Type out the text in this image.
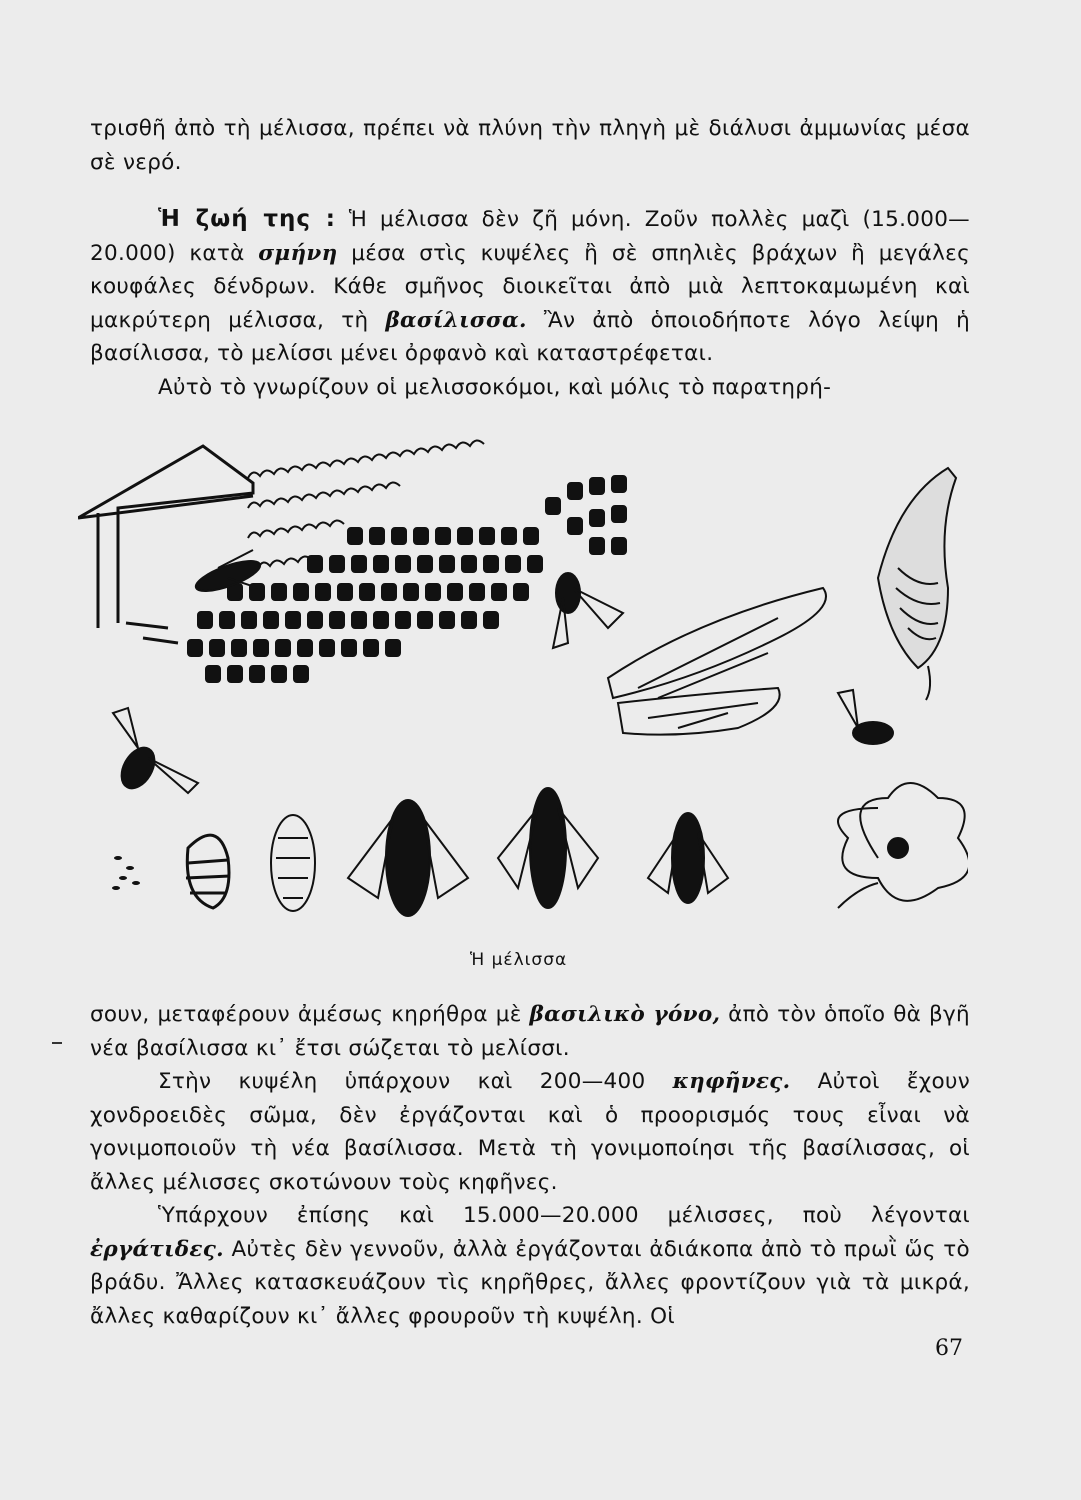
τρισθῆ ἀπὸ τὴ μέλισσα, πρέπει νὰ πλύνη τὴν πληγὴ μὲ διάλυσι ἀμμωνίας μέσα σὲ νερό.

Ἡ ζωή της : Ἡ μέλισσα δὲν ζῆ μόνη. Ζοῦν πολλὲς μαζὶ (15.000—20.000) κατὰ σμήνη μέσα στὶς κυψέλες ἢ σὲ σπηλιὲς βράχων ἢ μεγάλες κουφάλες δένδρων. Κάθε σμῆνος διοικεῖται ἀπὸ μιὰ λεπτοκαμωμένη καὶ μακρύτερη μέλισσα, τὴ βασίλισσα. Ἂν ἀπὸ ὁποιοδήποτε λόγο λείψη ἡ βασίλισσα, τὸ μελίσσι μένει ὀρφανὸ καὶ καταστρέφεται.

Αὐτὸ τὸ γνωρίζουν οἱ μελισσοκόμοι, καὶ μόλις τὸ παρατηρή-

Ἡ μέλισσα

σουν, μεταφέρουν ἀμέσως κηρήθρα μὲ βασιλικὸ γόνο, ἀπὸ τὸν ὁποῖο θὰ βγῆ νέα βασίλισσα κι᾽ ἔτσι σώζεται τὸ μελίσσι.

Στὴν κυψέλη ὑπάρχουν καὶ 200—400 κηφῆνες. Αὐτοὶ ἔχουν χονδροειδὲς σῶμα, δὲν ἐργάζονται καὶ ὁ προορισμός τους εἶναι νὰ γονιμοποιοῦν τὴ νέα βασίλισσα. Μετὰ τὴ γονιμοποίησι τῆς βασίλισσας, οἱ ἄλλες μέλισσες σκοτώνουν τοὺς κηφῆνες.

Ὑπάρχουν ἐπίσης καὶ 15.000—20.000 μέλισσες, ποὺ λέγονται ἐργάτιδες. Αὐτὲς δὲν γεννοῦν, ἀλλὰ ἐργάζονται ἀδιάκοπα ἀπὸ τὸ πρωῒ ὥς τὸ βράδυ. Ἄλλες κατασκευάζουν τὶς κηρῆθρες, ἄλλες φροντίζουν γιὰ τὰ μικρά, ἄλλες καθαρίζουν κι᾽ ἄλλες φρουροῦν τὴ κυψέλη. Οἱ

67
